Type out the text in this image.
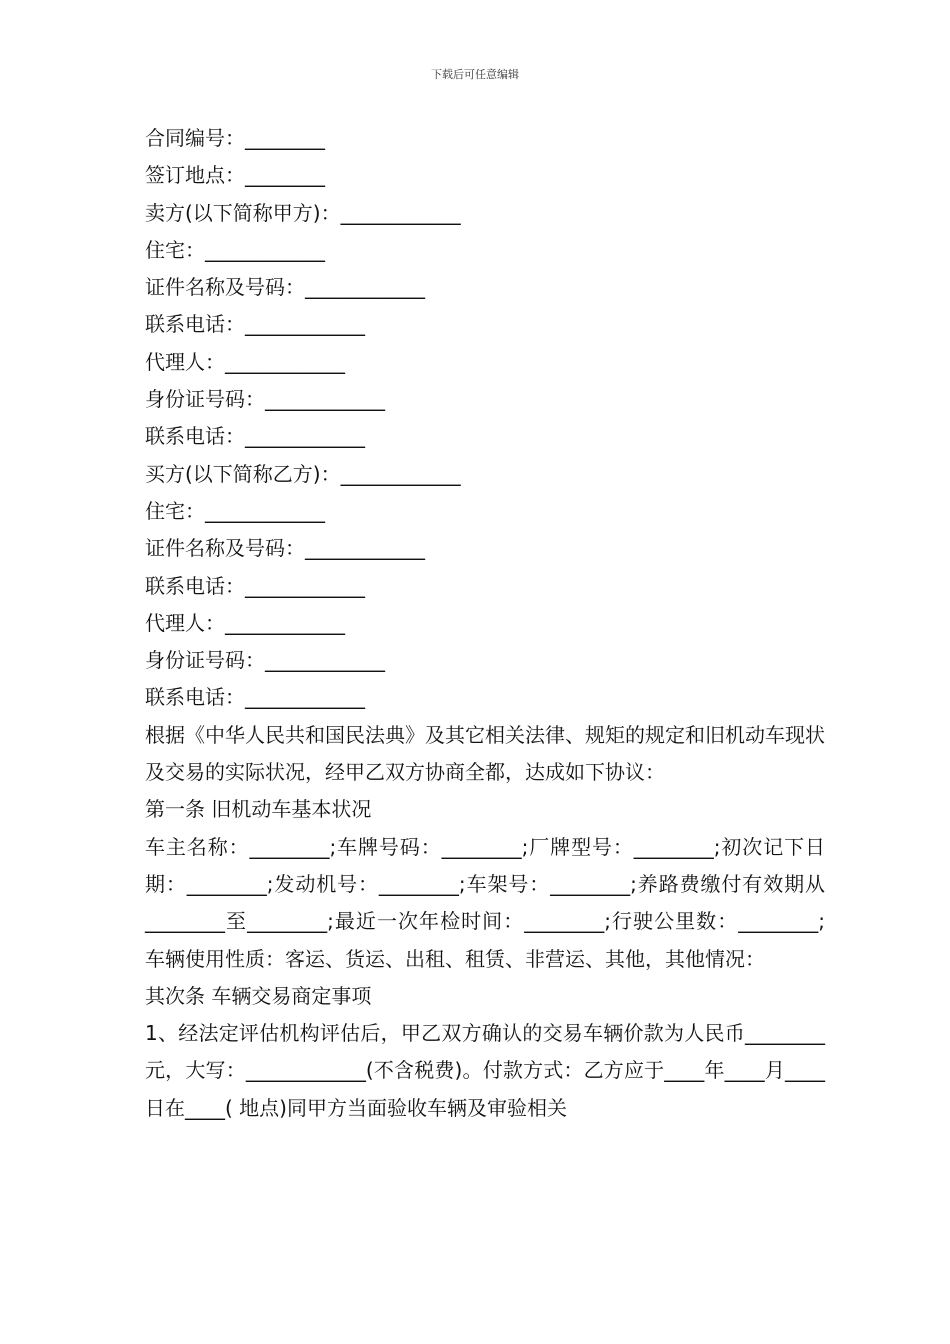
下载后可任意编辑
合同编号：________
签订地点：________
卖方(以下简称甲方)：____________
住宅：____________
证件名称及号码：____________
联系电话：____________
代理人：____________
身份证号码：____________
联系电话：____________
买方(以下简称乙方)：____________
住宅：____________
证件名称及号码：____________
联系电话：____________
代理人：____________
身份证号码：____________
联系电话：____________
根据《中华人民共和国民法典》及其它相关法律、规矩的规定和旧机动车现状及交易的实际状况，经甲乙双方协商全都，达成如下协议：
第一条 旧机动车基本状况
车主名称：________;车牌号码：________;厂牌型号：________;初次记下日期：________;发动机号：________;车架号：________;养路费缴付有效期从________至________;最近一次年检时间：________;行驶公里数：________;车辆使用性质：客运、货运、出租、租赁、非营运、其他，其他情况：
其次条 车辆交易商定事项
1、经法定评估机构评估后，甲乙双方确认的交易车辆价款为人民币________元，大写：____________(不含税费)。付款方式：乙方应于____年____月____日在____( 地点)同甲方当面验收车辆及审验相关
